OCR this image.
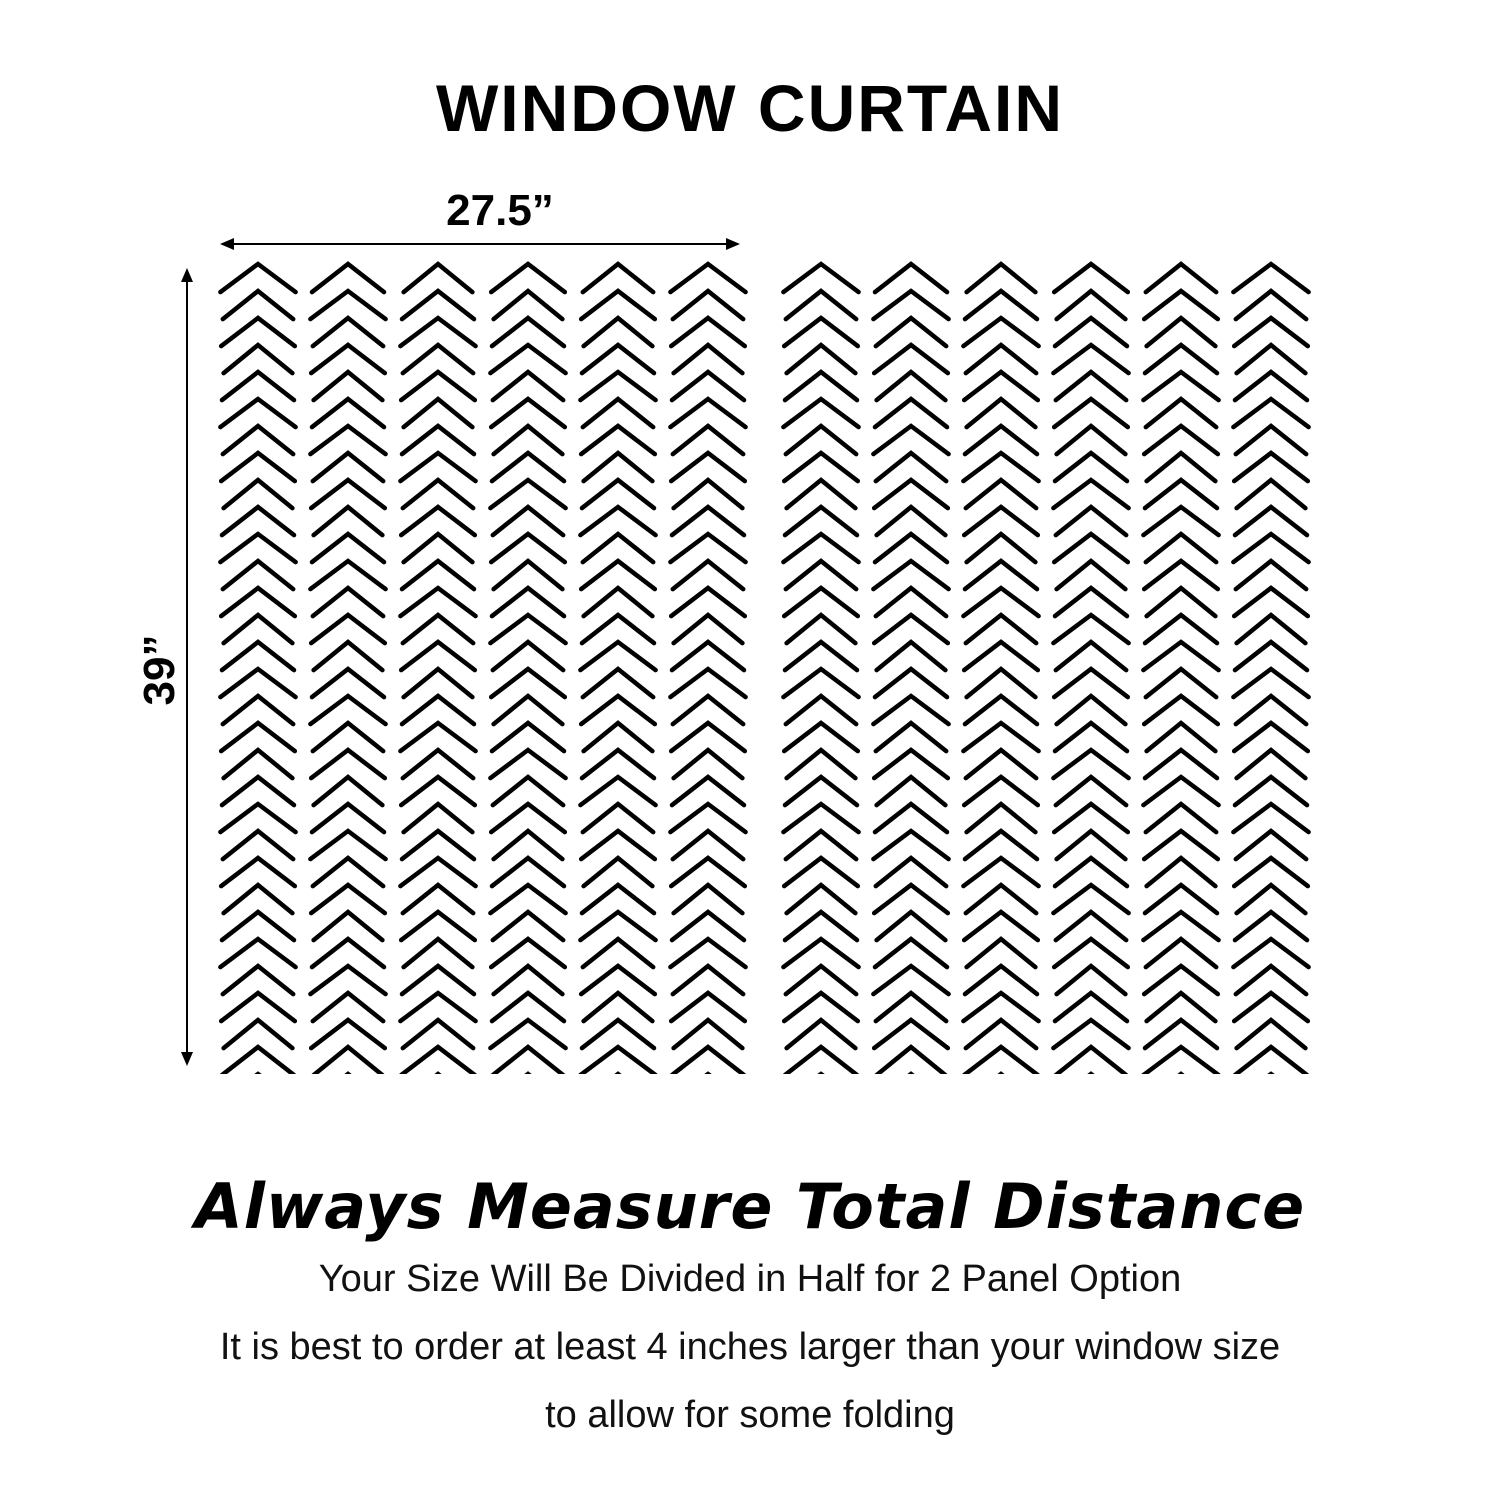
WINDOW CURTAIN
27.5”
39”
Always Measure Total Distance
Your Size Will Be Divided in Half for 2 Panel Option
It is best to order at least 4 inches larger than your window size
to allow for some folding
